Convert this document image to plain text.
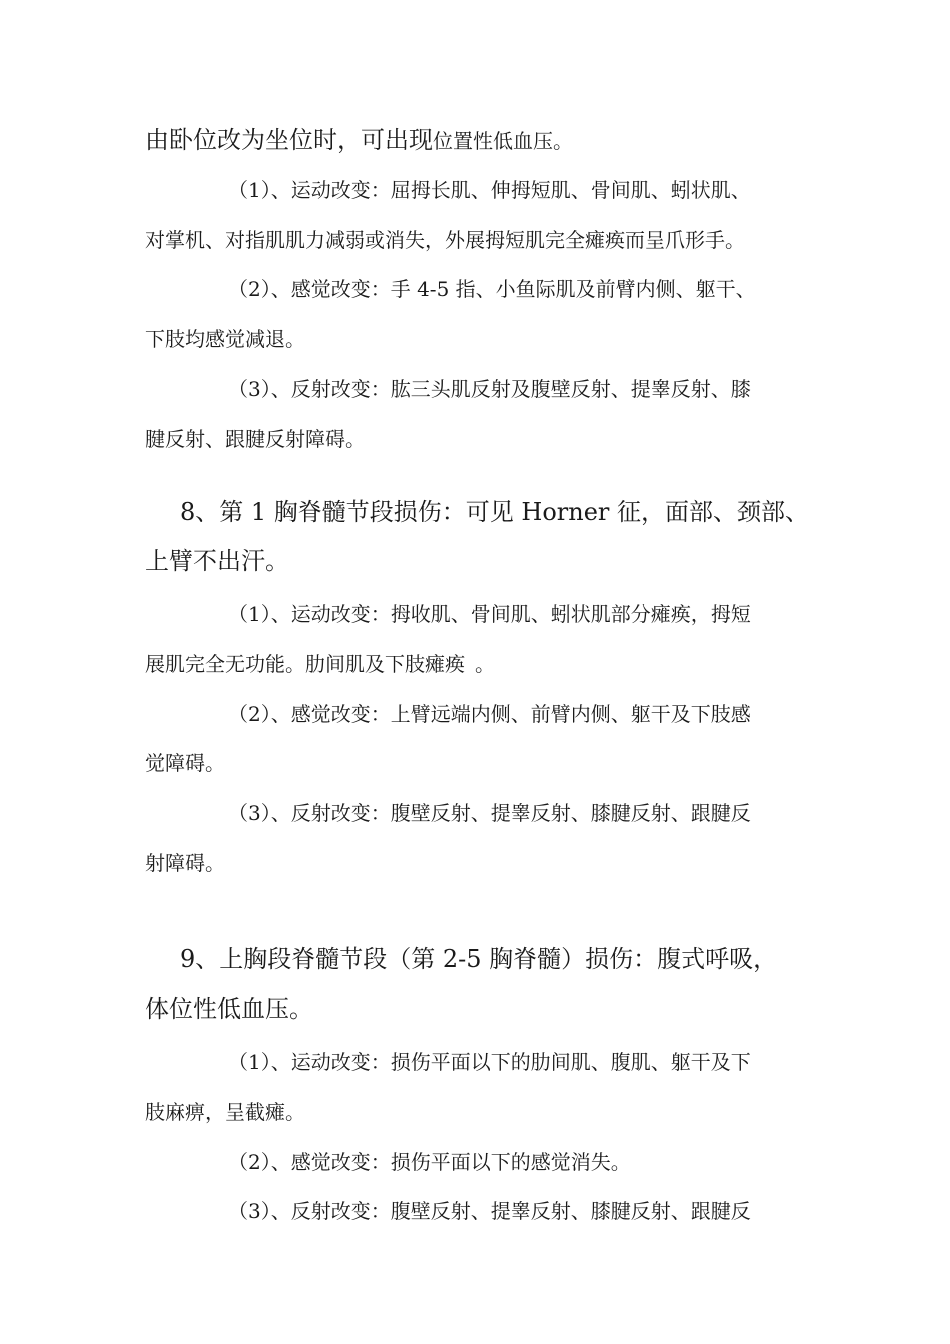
由卧位改为坐位时，可出现位置性低血压。
（1）、运动改变：屈拇长肌、伸拇短肌、骨间肌、蚓状肌、
对掌机、对指肌肌力减弱或消失，外展拇短肌完全瘫痪而呈爪形手。
（2）、感觉改变：手 4-5 指、小鱼际肌及前臂内侧、躯干、
下肢均感觉减退。
（3）、反射改变：肱三头肌反射及腹壁反射、提睾反射、膝
腱反射、跟腱反射障碍。
8、第 1 胸脊髓节段损伤：可见 Horner 征，面部、颈部、
上臂不出汗。
（1）、运动改变：拇收肌、骨间肌、蚓状肌部分瘫痪，拇短
展肌完全无功能。肋间肌及下肢瘫痪 。
（2）、感觉改变：上臂远端内侧、前臂内侧、躯干及下肢感
觉障碍。
（3）、反射改变：腹壁反射、提睾反射、膝腱反射、跟腱反
射障碍。
9、上胸段脊髓节段（第 2-5 胸脊髓）损伤：腹式呼吸，
体位性低血压。
（1）、运动改变：损伤平面以下的肋间肌、腹肌、躯干及下
肢麻痹，呈截瘫。
（2）、感觉改变：损伤平面以下的感觉消失。
（3）、反射改变：腹壁反射、提睾反射、膝腱反射、跟腱反
